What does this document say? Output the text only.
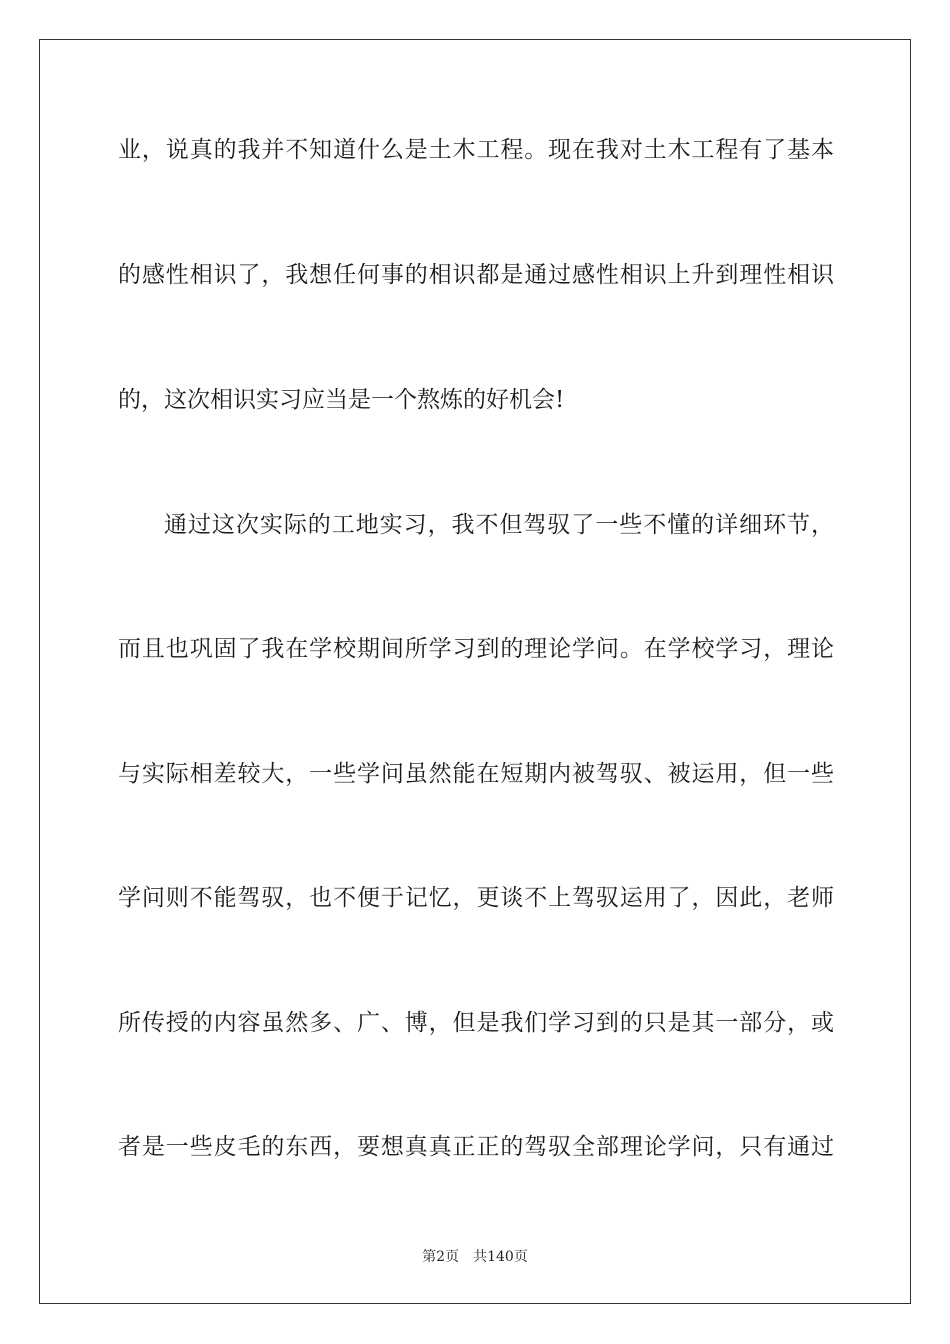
业，说真的我并不知道什么是土木工程。现在我对土木工程有了基本
的感性相识了，我想任何事的相识都是通过感性相识上升到理性相识
的，这次相识实习应当是一个熬炼的好机会!
通过这次实际的工地实习，我不但驾驭了一些不懂的详细环节，
而且也巩固了我在学校期间所学习到的理论学问。在学校学习，理论
与实际相差较大，一些学问虽然能在短期内被驾驭、被运用，但一些
学问则不能驾驭，也不便于记忆，更谈不上驾驭运用了，因此，老师
所传授的内容虽然多、广、博，但是我们学习到的只是其一部分，或
者是一些皮毛的东西，要想真真正正的驾驭全部理论学问，只有通过
第2页 共140页
